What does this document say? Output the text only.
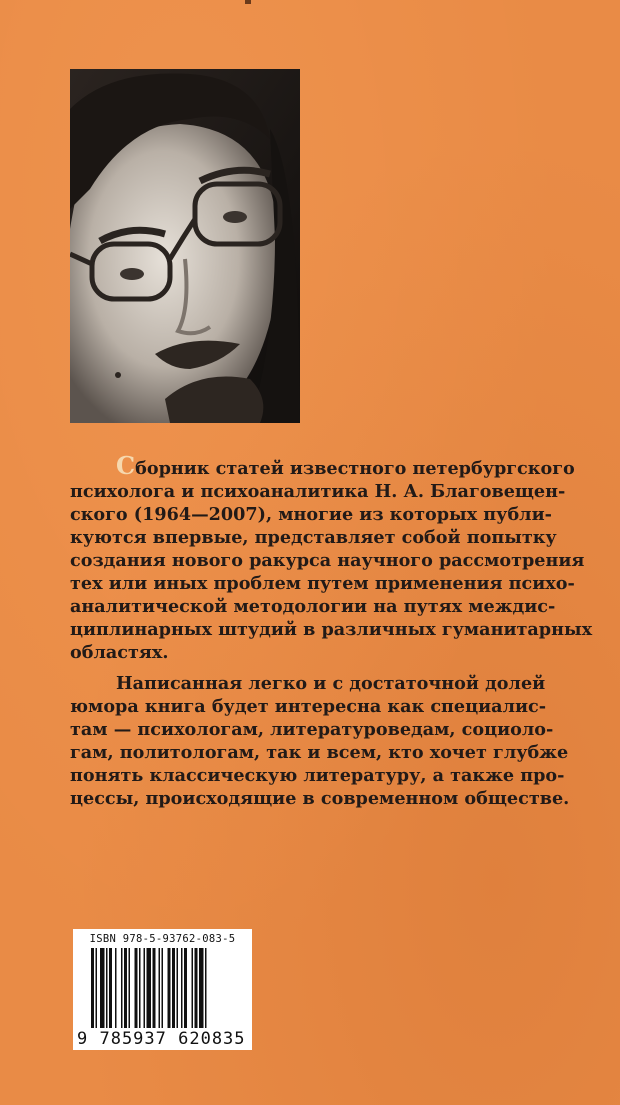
Сборник статей известного петербургского
психолога и психоаналитика Н. А. Благовещен-
ского (1964—2007), многие из которых публи-
куются впервые, представляет собой попытку
создания нового ракурса научного рассмотрения
тех или иных проблем путем применения психо-
аналитической методологии на путях междис-
циплинарных штудий в различных гуманитарных
областях.

Написанная легко и с достаточной долей
юмора книга будет интересна как специалис-
там — психологам, литературоведам, социоло-
гам, политологам, так и всем, кто хочет глубже
понять классическую литературу, а также про-
цессы, происходящие в современном обществе.

ISBN 978-5-93762-083-5
9 785937 620835
